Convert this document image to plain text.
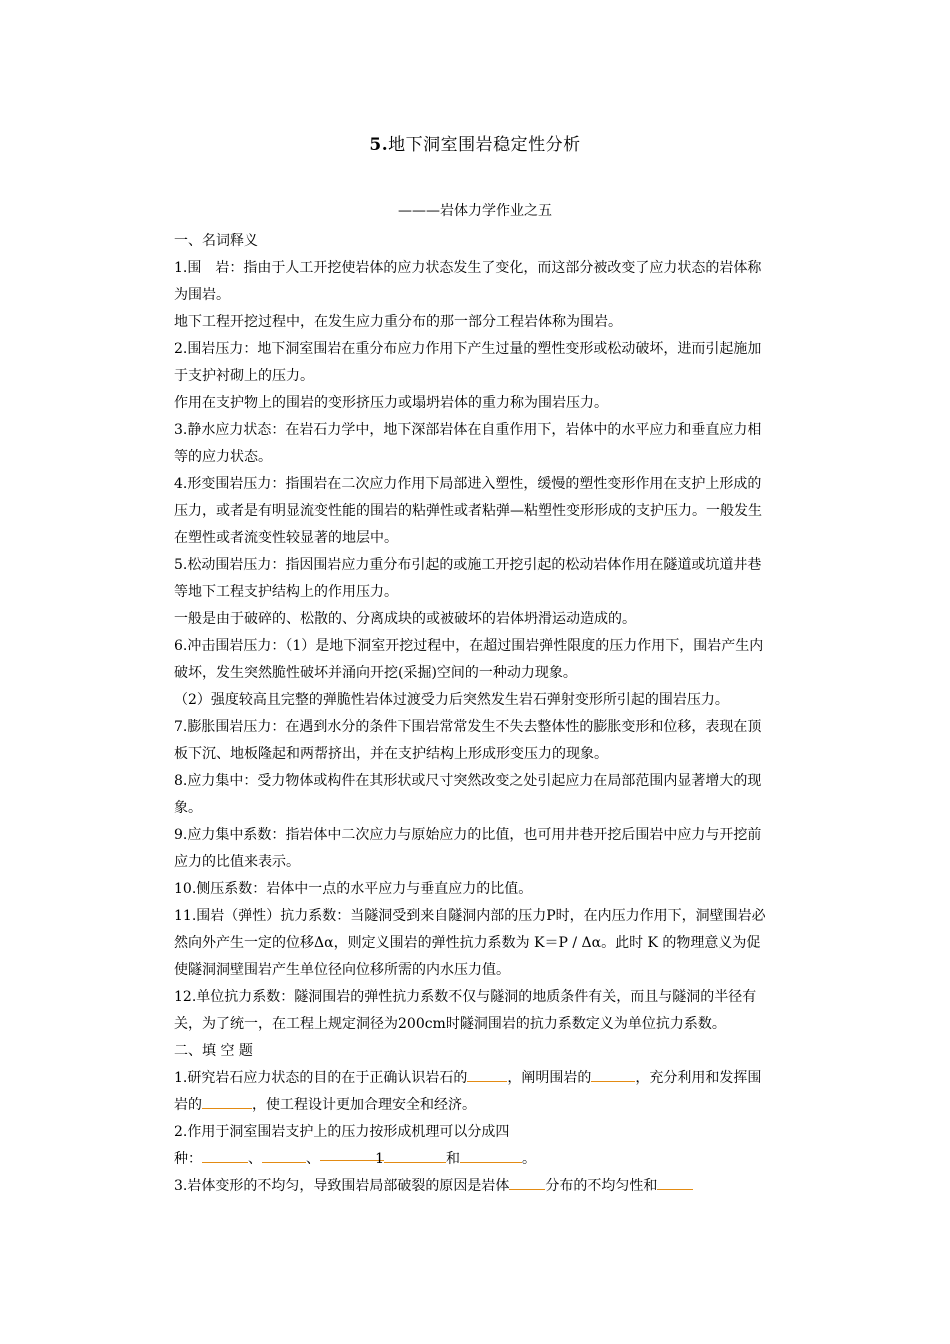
5.地下洞室围岩稳定性分析
———岩体力学作业之五

一、名词释义

1.围　岩：指由于人工开挖使岩体的应力状态发生了变化，而这部分被改变了应力状态的岩体称为围岩。

地下工程开挖过程中，在发生应力重分布的那一部分工程岩体称为围岩。

2.围岩压力：地下洞室围岩在重分布应力作用下产生过量的塑性变形或松动破坏，进而引起施加于支护衬砌上的压力。

作用在支护物上的围岩的变形挤压力或塌坍岩体的重力称为围岩压力。

3.静水应力状态：在岩石力学中，地下深部岩体在自重作用下，岩体中的水平应力和垂直应力相等的应力状态。

4.形变围岩压力：指围岩在二次应力作用下局部进入塑性，缓慢的塑性变形作用在支护上形成的压力，或者是有明显流变性能的围岩的粘弹性或者粘弹—粘塑性变形形成的支护压力。一般发生在塑性或者流变性较显著的地层中。

5.松动围岩压力：指因围岩应力重分布引起的或施工开挖引起的松动岩体作用在隧道或坑道井巷等地下工程支护结构上的作用压力。

一般是由于破碎的、松散的、分离成块的或被破坏的岩体坍滑运动造成的。

6.冲击围岩压力：（1）是地下洞室开挖过程中，在超过围岩弹性限度的压力作用下，围岩产生内破坏，发生突然脆性破坏并涌向开挖(采掘)空间的一种动力现象。

（2）强度较高且完整的弹脆性岩体过渡受力后突然发生岩石弹射变形所引起的围岩压力。

7.膨胀围岩压力：在遇到水分的条件下围岩常常发生不失去整体性的膨胀变形和位移，表现在顶板下沉、地板隆起和两帮挤出，并在支护结构上形成形变压力的现象。

8.应力集中：受力物体或构件在其形状或尺寸突然改变之处引起应力在局部范围内显著增大的现象。

9.应力集中系数：指岩体中二次应力与原始应力的比值，也可用井巷开挖后围岩中应力与开挖前应力的比值来表示。

10.侧压系数：岩体中一点的水平应力与垂直应力的比值。

11.围岩（弹性）抗力系数：当隧洞受到来自隧洞内部的压力P时，在内压力作用下，洞壁围岩必然向外产生一定的位移Δα，则定义围岩的弹性抗力系数为 K＝P / Δα。此时 K 的物理意义为促使隧洞洞壁围岩产生单位径向位移所需的内水压力值。

12.单位抗力系数：隧洞围岩的弹性抗力系数不仅与隧洞的地质条件有关，而且与隧洞的半径有关，为了统一，在工程上规定洞径为200cm时隧洞围岩的抗力系数定义为单位抗力系数。

二、填 空 题

1.研究岩石应力状态的目的在于正确认识岩石的	，阐明围岩的	，充分利用和发挥围岩的	，使工程设计更加合理安全和经济。

2.作用于洞室围岩支护上的压力按形成机理可以分成四

种：	、	、	1	和	。

3.岩体变形的不均匀，导致围岩局部破裂的原因是岩体	分布的不均匀性和
